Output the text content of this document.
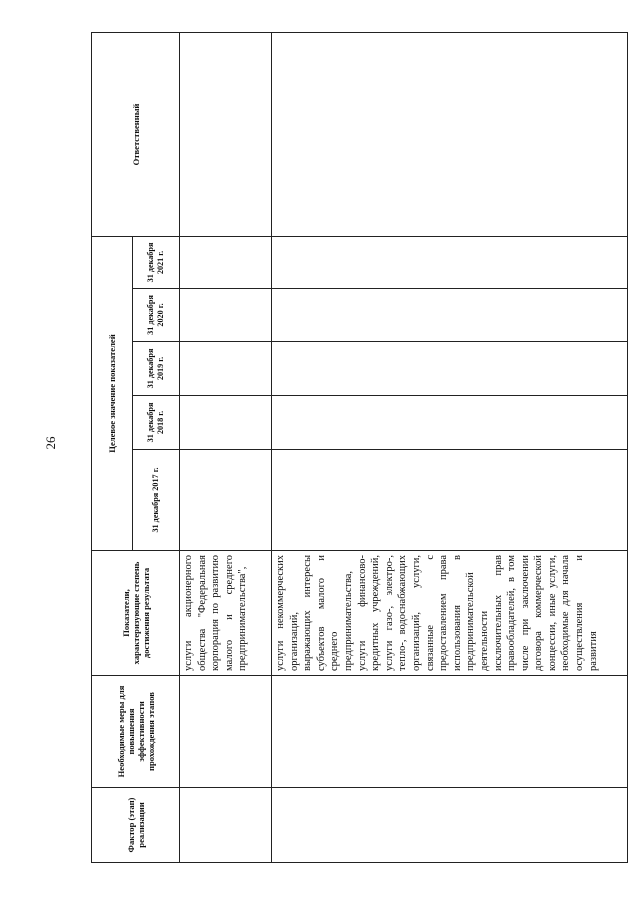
26
Фактор (этап) реализации	Необходимые меры для повышения эффективности прохождения этапов	Показатели, характеризующие степень достижения результата	Целевое значение показателей					Ответственный
			31 декабря 2017 г.	31 декабря 2018 г.	31 декабря 2019 г.	31 декабря 2020 г.	31 декабря 2021 г.	
		услуги акционерного общества "Федеральная корпорация по развитию малого и среднего предпринимательства",						
		услуги некоммерческих организаций, выражающих интересы субъектов малого и среднего предпринимательства, услуги финансово-кредитных учреждений, услуги газо-, электро-, тепло-, водоснабжающих организаций, услуги, связанные с предоставлением права использования в предпринимательской деятельности исключительных прав правообладателей, в том числе при заключении договора коммерческой концессии, иные услуги, необходимые для начала осуществления и развития						
